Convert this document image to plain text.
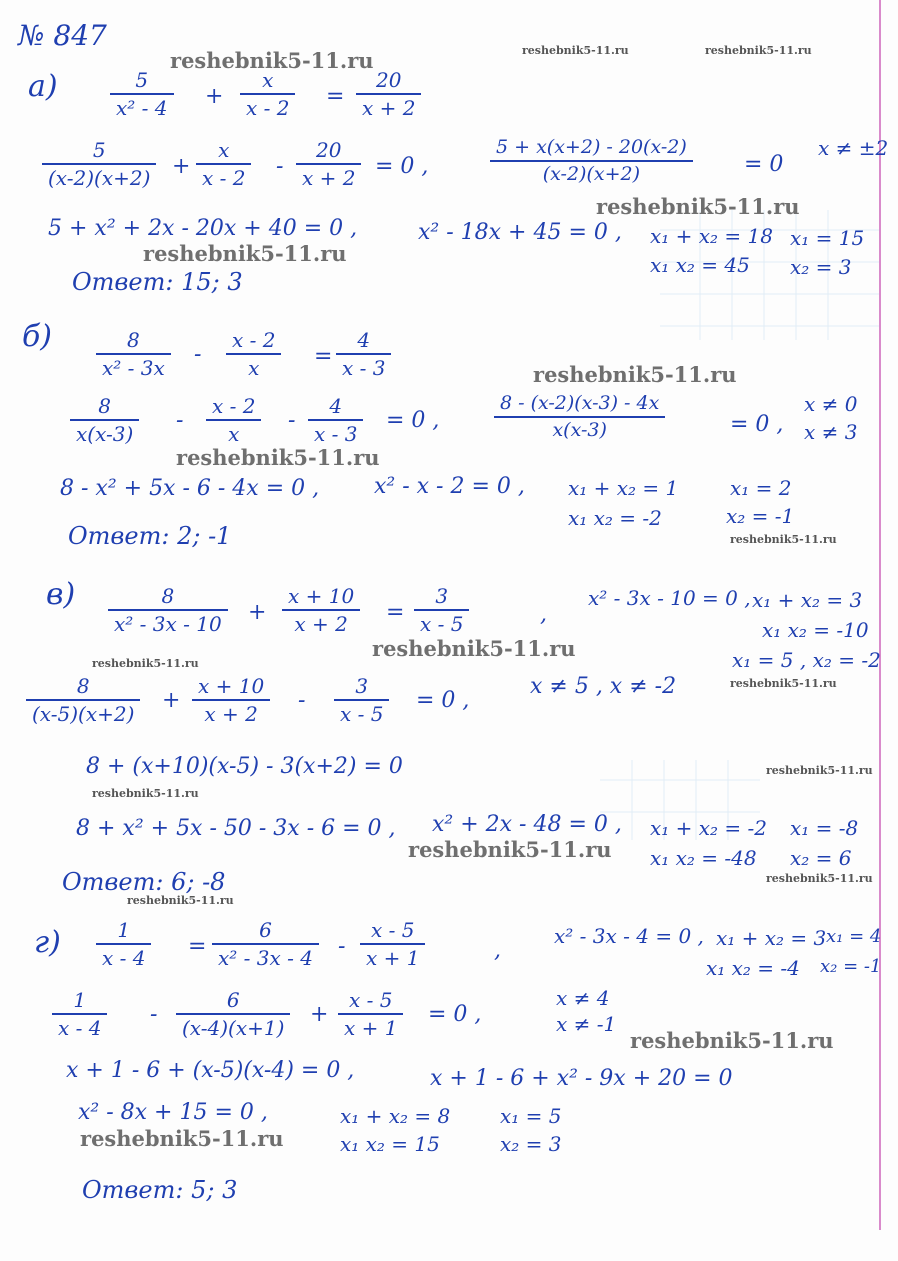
№ 847
reshebnik5-11.ru	reshebnik5-11.ru	reshebnik5-11.ru
reshebnik5-11.ru
reshebnik5-11.ru
reshebnik5-11.ru
reshebnik5-11.ru
reshebnik5-11.ru
reshebnik5-11.ru
reshebnik5-11.ru
reshebnik5-11.ru
reshebnik5-11.ru
reshebnik5-11.ru
reshebnik5-11.ru
reshebnik5-11.ru
reshebnik5-11.ru
reshebnik5-11.ru
reshebnik5-11.ru
а)	$\frac{5}{\text{x² - 4}} + \frac{x}{x - 2} = \frac{20}{x + 2}$
$\frac{5}{(x-2)(x+2)} + \frac{x}{x - 2} - \frac{20}{x + 2} = 0$ ,	$\frac{5 + x(x+2) - 20(x-2)}{(x-2)(x+2)} = 0$
x ≠ ±2
5 + x² + 2x - 20x + 40 = 0 ,	x² - 18x + 45 = 0 , x₁ + x₂ = 18
x₁ x₂ = 45
x₁ = 15
x₂ = 3
Ответ: 15; 3
$б) \frac{8}{\text{x² - 3x}} - \frac{x - 2}{x} = \frac{4}{x - 3}$
$\frac{8}{x(x-3)} - \frac{x - 2}{x} - \frac{4}{x - 3} = 0$ ,	$\frac{8 - (x-2)(x-3) - 4x}{x(x-3)}$	= 0 ,
x ≠ 0
x ≠ 3
8 - x² + 5x - 6 - 4x = 0 , x² - x - 2 = 0 , x₁ + x₂ = 1
x₁ x₂ = -2
x₁ = 2
x₂ = -1
Ответ: 2; -1
$в) \frac{8}{\text{x² - 3x - 10}} + \frac{x + 10}{x + 2} = \frac{3}{x - 5}$	,
x² - 3x - 10 = 0 , x₁ + x₂ = 3
x₁ x₂ = -10
x₁ = 5 , x₂ = -2
$\frac{8}{(x-5)(x+2)} + \frac{x + 10}{x + 2} - \frac{3}{x - 5} = 0$ ,
x ≠ 5 , x ≠ -2
8 + (x+10)(x-5) - 3(x+2) = 0
8 + x² + 5x - 50 - 3x - 6 = 0 , x² + 2x - 48 = 0 , x₁ + x₂ = -2
x₁ x₂ = -48
x₁ = -8
x₂ = 6
Ответ: 6; -8
$г) \frac{1}{x - 4} = \frac{6}{\text{x² - 3x - 4}} - \frac{x - 5}{x + 1}$	,
x² - 3x - 4 = 0 , x₁ + x₂ = 3
x₁ x₂ = -4
x₁ = 4
x₂ = -1
$\frac{1}{x - 4} - \frac{6}{(x-4)(x+1)} + \frac{x - 5}{x + 1} = 0$ ,
x ≠ 4
x ≠ -1
x + 1 - 6 + (x-5)(x-4) = 0 ,	x + 1 - 6 + x² - 9x + 20 = 0
x² - 8x + 15 = 0 ,	x₁ + x₂ = 8
x₁ x₂ = 15
x₁ = 5
x₂ = 3
Ответ: 5; 3
